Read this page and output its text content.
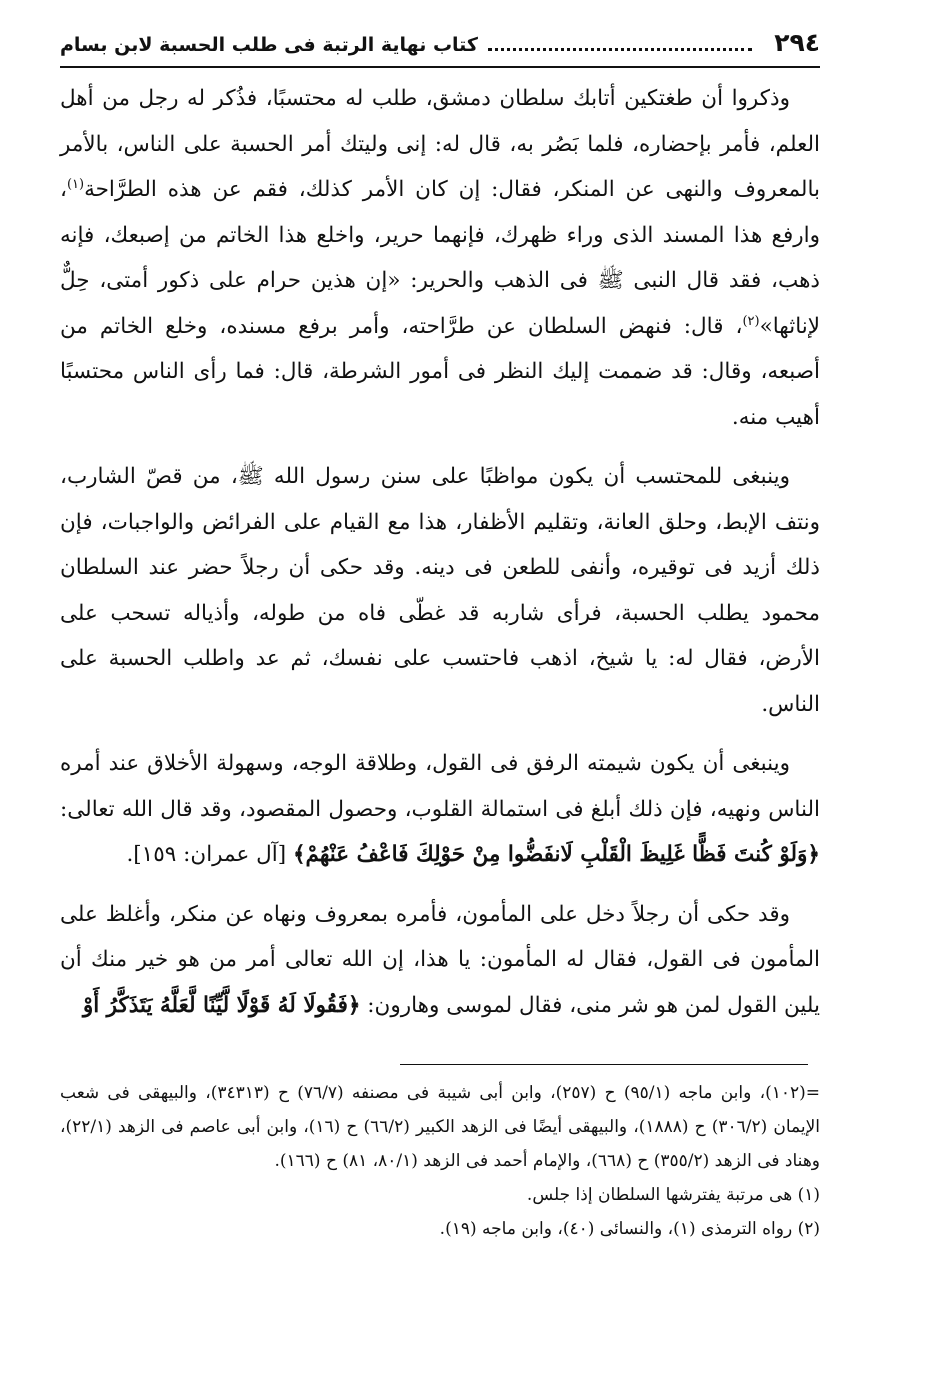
٢٩٤
كتاب نهاية الرتبة فى طلب الحسبة لابن بسام

وذكروا أن طغتكين أتابك سلطان دمشق، طلب له محتسبًا، فذُكر له رجل من أهل العلم، فأمر بإحضاره، فلما بَصُر به، قال له: إنى وليتك أمر الحسبة على الناس، بالأمر بالمعروف والنهى عن المنكر، فقال: إن كان الأمر كذلك، فقم عن هذه الطرَّاحة$^{(١)}$، وارفع هذا المسند الذى وراء ظهرك، فإنهما حرير، واخلع هذا الخاتم من إصبعك، فإنه ذهب، فقد قال النبى ﷺ فى الذهب والحرير: «إن هذين حرام على ذكور أمتى، حِلٌّ لإناثها»$^{(٢)}$، قال: فنهض السلطان عن طرَّاحته، وأمر برفع مسنده، وخلع الخاتم من أصبعه، وقال: قد ضممت إليك النظر فى أمور الشرطة، قال: فما رأى الناس محتسبًا أهيب منه.

وينبغى للمحتسب أن يكون مواظبًا على سنن رسول الله ﷺ، من قصّ الشارب، ونتف الإبط، وحلق العانة، وتقليم الأظفار، هذا مع القيام على الفرائض والواجبات، فإن ذلك أزيد فى توقيره، وأنفى للطعن فى دينه. وقد حكى أن رجلاً حضر عند السلطان محمود يطلب الحسبة، فرأى شاربه قد غطّى فاه من طوله، وأذياله تسحب على الأرض، فقال له: يا شيخ، اذهب فاحتسب على نفسك، ثم عد واطلب الحسبة على الناس.

وينبغى أن يكون شيمته الرفق فى القول، وطلاقة الوجه، وسهولة الأخلاق عند أمره الناس ونهيه، فإن ذلك أبلغ فى استمالة القلوب، وحصول المقصود، وقد قال الله تعالى: ﴿وَلَوْ كُنتَ فَظًّا غَلِيظَ الْقَلْبِ لَانفَضُّوا مِنْ حَوْلِكَ فَاعْفُ عَنْهُمْ﴾ [آل عمران: ١٥٩].

وقد حكى أن رجلاً دخل على المأمون، فأمره بمعروف ونهاه عن منكر، وأغلظ على المأمون فى القول، فقال له المأمون: يا هذا، إن الله تعالى أمر من هو خير منك أن يلين القول لمن هو شر منى، فقال لموسى وهارون: ﴿فَقُولَا لَهُ قَوْلًا لَّيِّنًا لَّعَلَّهُ يَتَذَكَّرُ أَوْ

=(١٠٢)، وابن ماجه (٩٥/١) ح (٢٥٧)، وابن أبى شيبة فى مصنفه (٧٦/٧) ح (٣٤٣١٣)، والبيهقى فى شعب الإيمان (٣٠٦/٢) ح (١٨٨٨)، والبيهقى أيضًا فى الزهد الكبير (٦٦/٢) ح (١٦)، وابن أبى عاصم فى الزهد (٢٢/١)، وهناد فى الزهد (٣٥٥/٢) ح (٦٦٨)، والإمام أحمد فى الزهد (٨٠/١، ٨١) ح (١٦٦).

(١) هى مرتبة يفترشها السلطان إذا جلس.

(٢) رواه الترمذى (١)، والنسائى (٤٠)، وابن ماجه (١٩).
